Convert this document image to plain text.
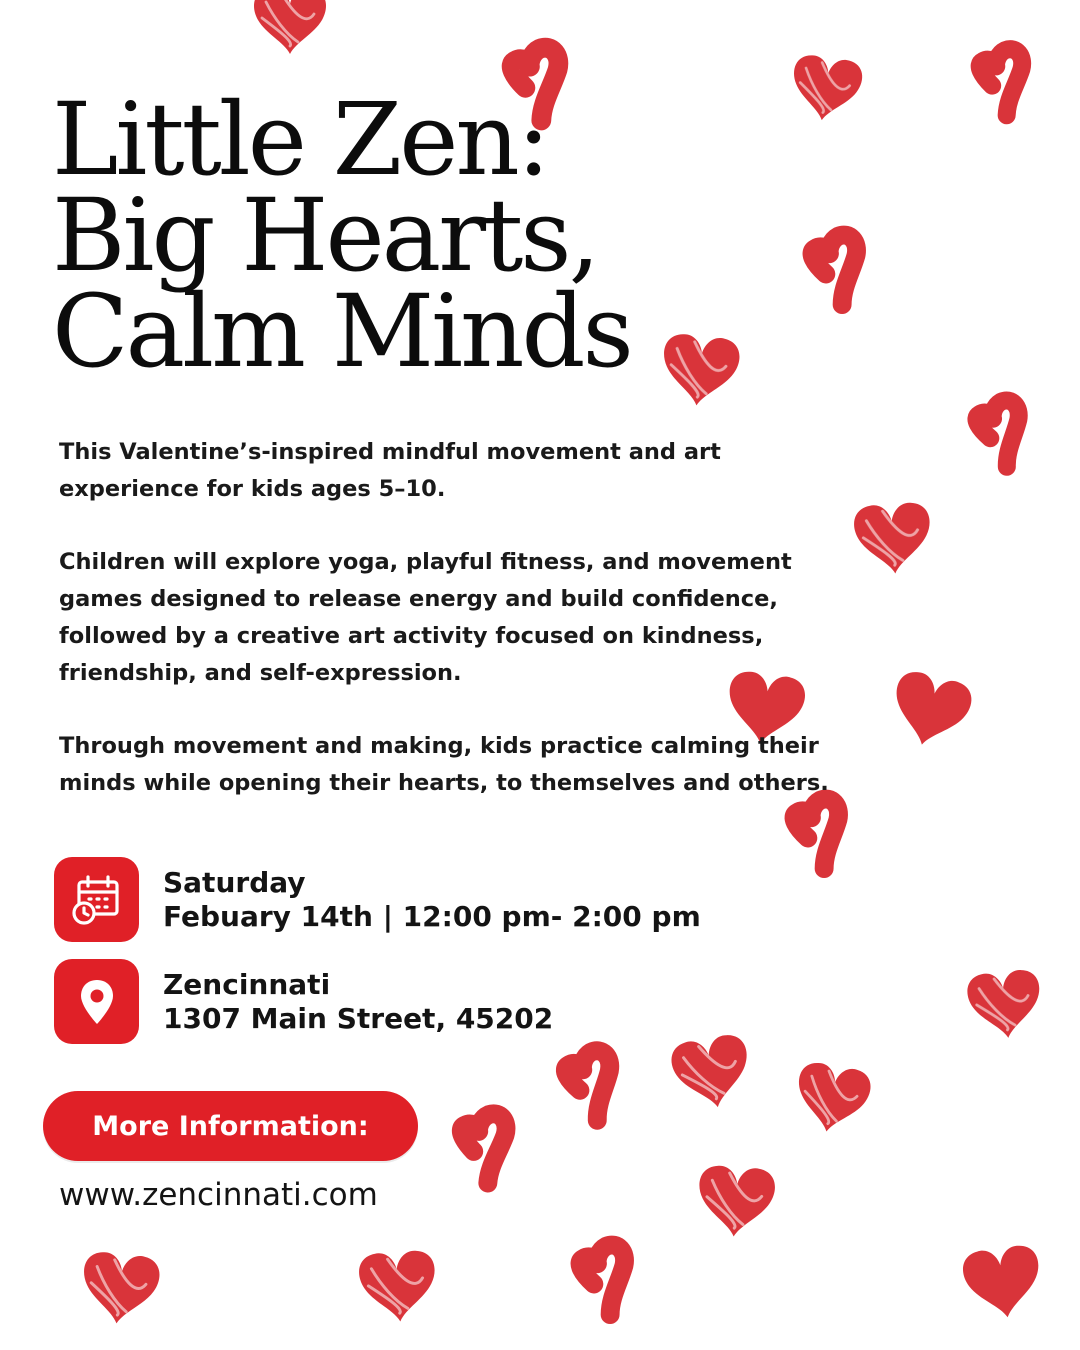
Little Zen:
Big Hearts,
Calm Minds

This Valentine’s-inspired mindful movement and art experience for kids ages 5–10.

Children will explore yoga, playful fitness, and movement games designed to release energy and build confidence, followed by a creative art activity focused on kindness, friendship, and self-expression.

Through movement and making, kids practice calming their minds while opening their hearts, to themselves and others.

Saturday
Febuary 14th | 12:00 pm- 2:00 pm
Zencinnati
1307 Main Street, 45202
More Information:

www.zencinnati.com
